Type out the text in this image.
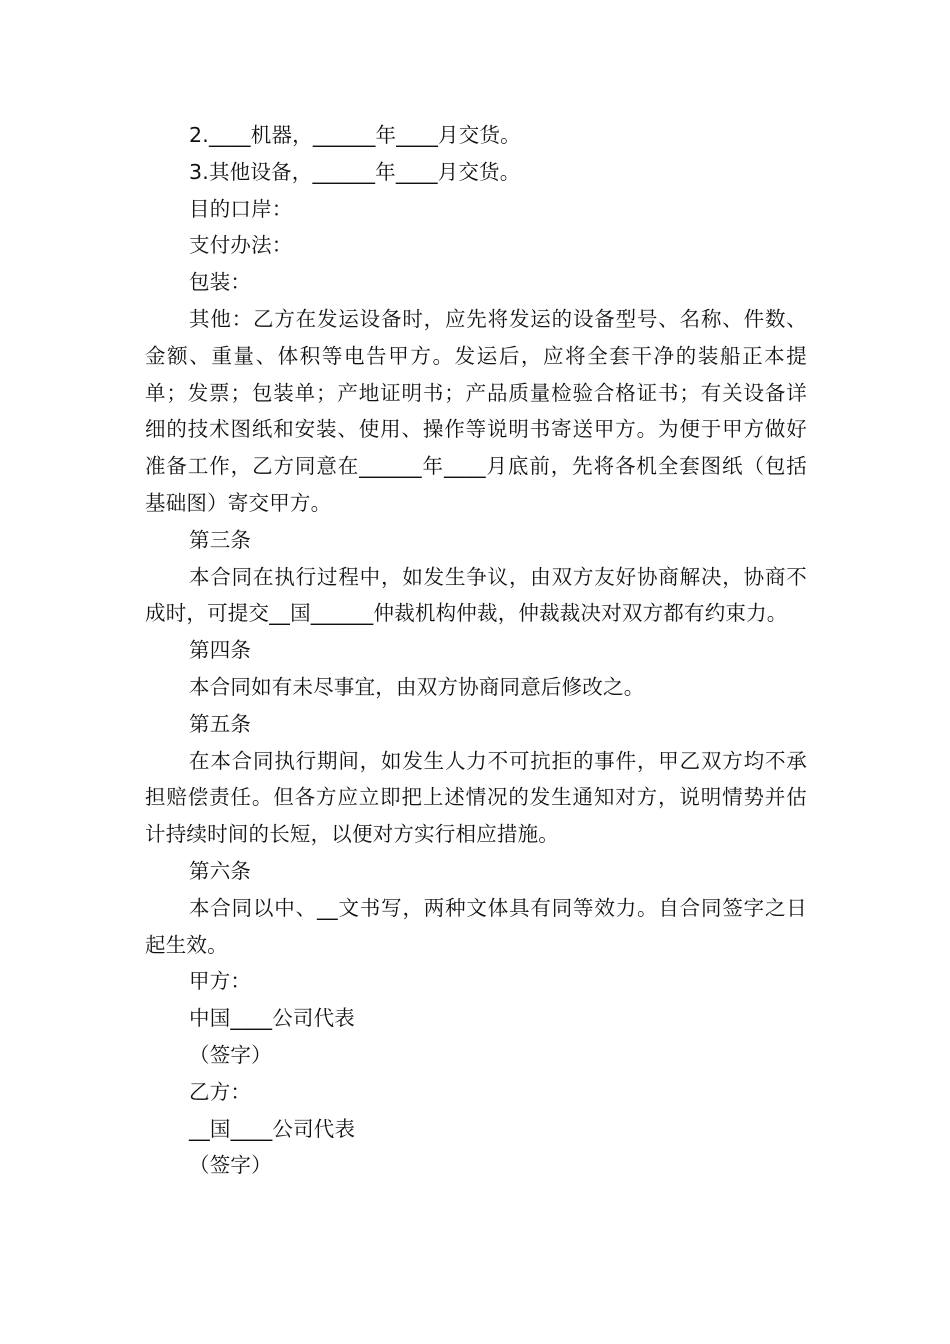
2.____机器，______年____月交货。

3.其他设备，______年____月交货。

目的口岸：

支付办法：

包装：

其他：乙方在发运设备时，应先将发运的设备型号、名称、件数、金额、重量、体积等电告甲方。发运后，应将全套干净的装船正本提单；发票；包装单；产地证明书；产品质量检验合格证书；有关设备详细的技术图纸和安装、使用、操作等说明书寄送甲方。为便于甲方做好准备工作，乙方同意在______年____月底前，先将各机全套图纸（包括基础图）寄交甲方。

第三条

本合同在执行过程中，如发生争议，由双方友好协商解决，协商不成时，可提交__国______仲裁机构仲裁，仲裁裁决对双方都有约束力。

第四条

本合同如有未尽事宜，由双方协商同意后修改之。

第五条

在本合同执行期间，如发生人力不可抗拒的事件，甲乙双方均不承担赔偿责任。但各方应立即把上述情况的发生通知对方，说明情势并估计持续时间的长短，以便对方实行相应措施。

第六条

本合同以中、__文书写，两种文体具有同等效力。自合同签字之日起生效。

甲方：

中国____公司代表

（签字）

乙方：

__国____公司代表

（签字）
